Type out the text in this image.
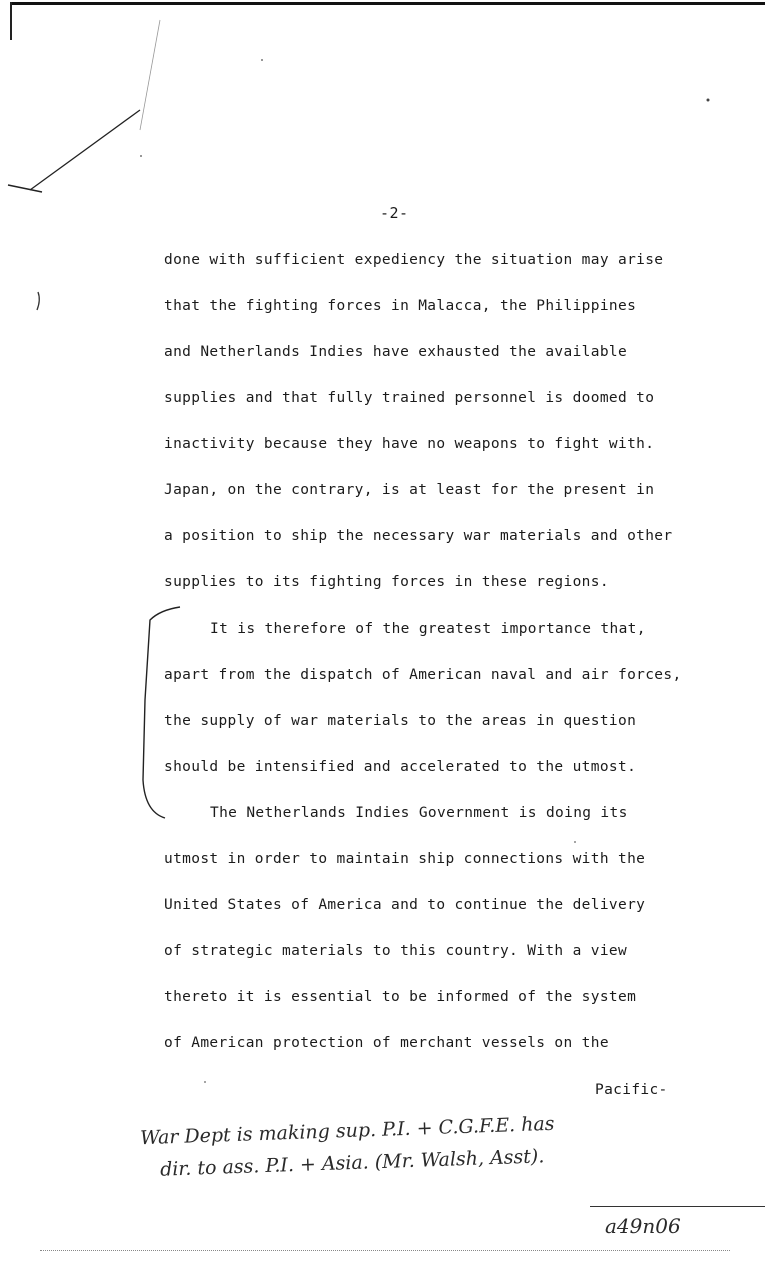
-2-
done with sufficient expediency the situation may arise
that the fighting forces in Malacca, the Philippines
and Netherlands Indies have exhausted the available
supplies and that fully trained personnel is doomed to
inactivity because they have no weapons to fight with.
Japan, on the contrary, is at least for the present in
a position to ship the necessary war materials and other
supplies to its fighting forces in these regions.
It is therefore of the greatest importance that,
apart from the dispatch of American naval and air forces,
the supply of war materials to the areas in question
should be intensified and accelerated to the utmost.
The Netherlands Indies Government is doing its
utmost in order to maintain ship connections with the
United States of America and to continue the delivery
of strategic materials to this country. With a view
thereto it is essential to be informed of the system
of American protection of merchant vessels on the
Pacific-
War Dept is making sup. P.I. + C.G.F.E. has
dir. to ass. P.I. + Asia. (Mr. Walsh, Asst).
a49n06
